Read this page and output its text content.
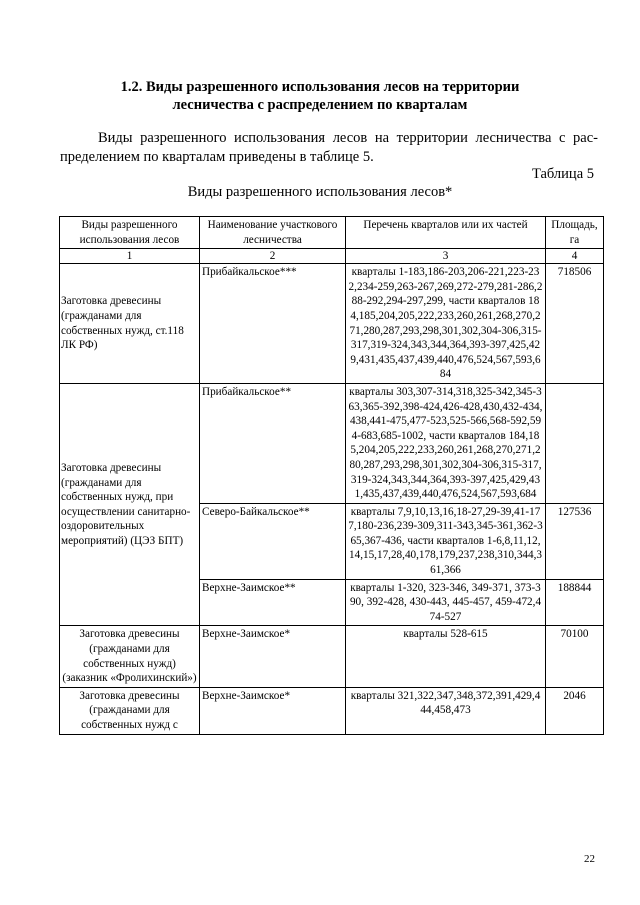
1.2. Виды разрешенного использования лесов на территории
лесничества с распределением по кварталам
Виды разрешенного использования лесов на территории лесничества с рас-пределением по кварталам приведены в таблице 5.
Таблица 5
Виды разрешенного использования лесов*
Виды разрешенного использования лесов	Наименование участкового лесничества	Перечень кварталов или их частей	Площадь, га
1	2	3	4
Заготовка древесины (гражданами для собственных нужд, ст.118 ЛК РФ)	Прибайкальское***	кварталы 1-183,186-203,206-221,223-232,234-259,263-267,269,272-279,281-286,288-292,294-297,299, части кварталов 184,185,204,205,222,233,260,261,268,270,271,280,287,293,298,301,302,304-306,315-317,319-324,343,344,364,393-397,425,429,431,435,437,439,440,476,524,567,593,684	718506
Заготовка древесины (гражданами для собственных нужд, при осуществлении санитарно-оздоровительных мероприятий) (ЦЭЗ БПТ)	Прибайкальское**	кварталы 303,307-314,318,325-342,345-363,365-392,398-424,426-428,430,432-434,438,441-475,477-523,525-566,568-592,594-683,685-1002, части кварталов 184,185,204,205,222,233,260,261,268,270,271,280,287,293,298,301,302,304-306,315-317,319-324,343,344,364,393-397,425,429,431,435,437,439,440,476,524,567,593,684	
	Северо-Байкальское**	кварталы 7,9,10,13,16,18-27,29-39,41-177,180-236,239-309,311-343,345-361,362-365,367-436, части кварталов 1-6,8,11,12,14,15,17,28,40,178,179,237,238,310,344,361,366	127536
	Верхне-Заимское**	кварталы 1-320, 323-346, 349-371, 373-390, 392-428, 430-443, 445-457, 459-472,474-527	188844
Заготовка древесины (гражданами для собственных нужд) (заказник «Фролихинский»)	Верхне-Заимское*	кварталы 528-615	70100
Заготовка древесины (гражданами для собственных нужд с	Верхне-Заимское*	кварталы 321,322,347,348,372,391,429,444,458,473	2046
22
